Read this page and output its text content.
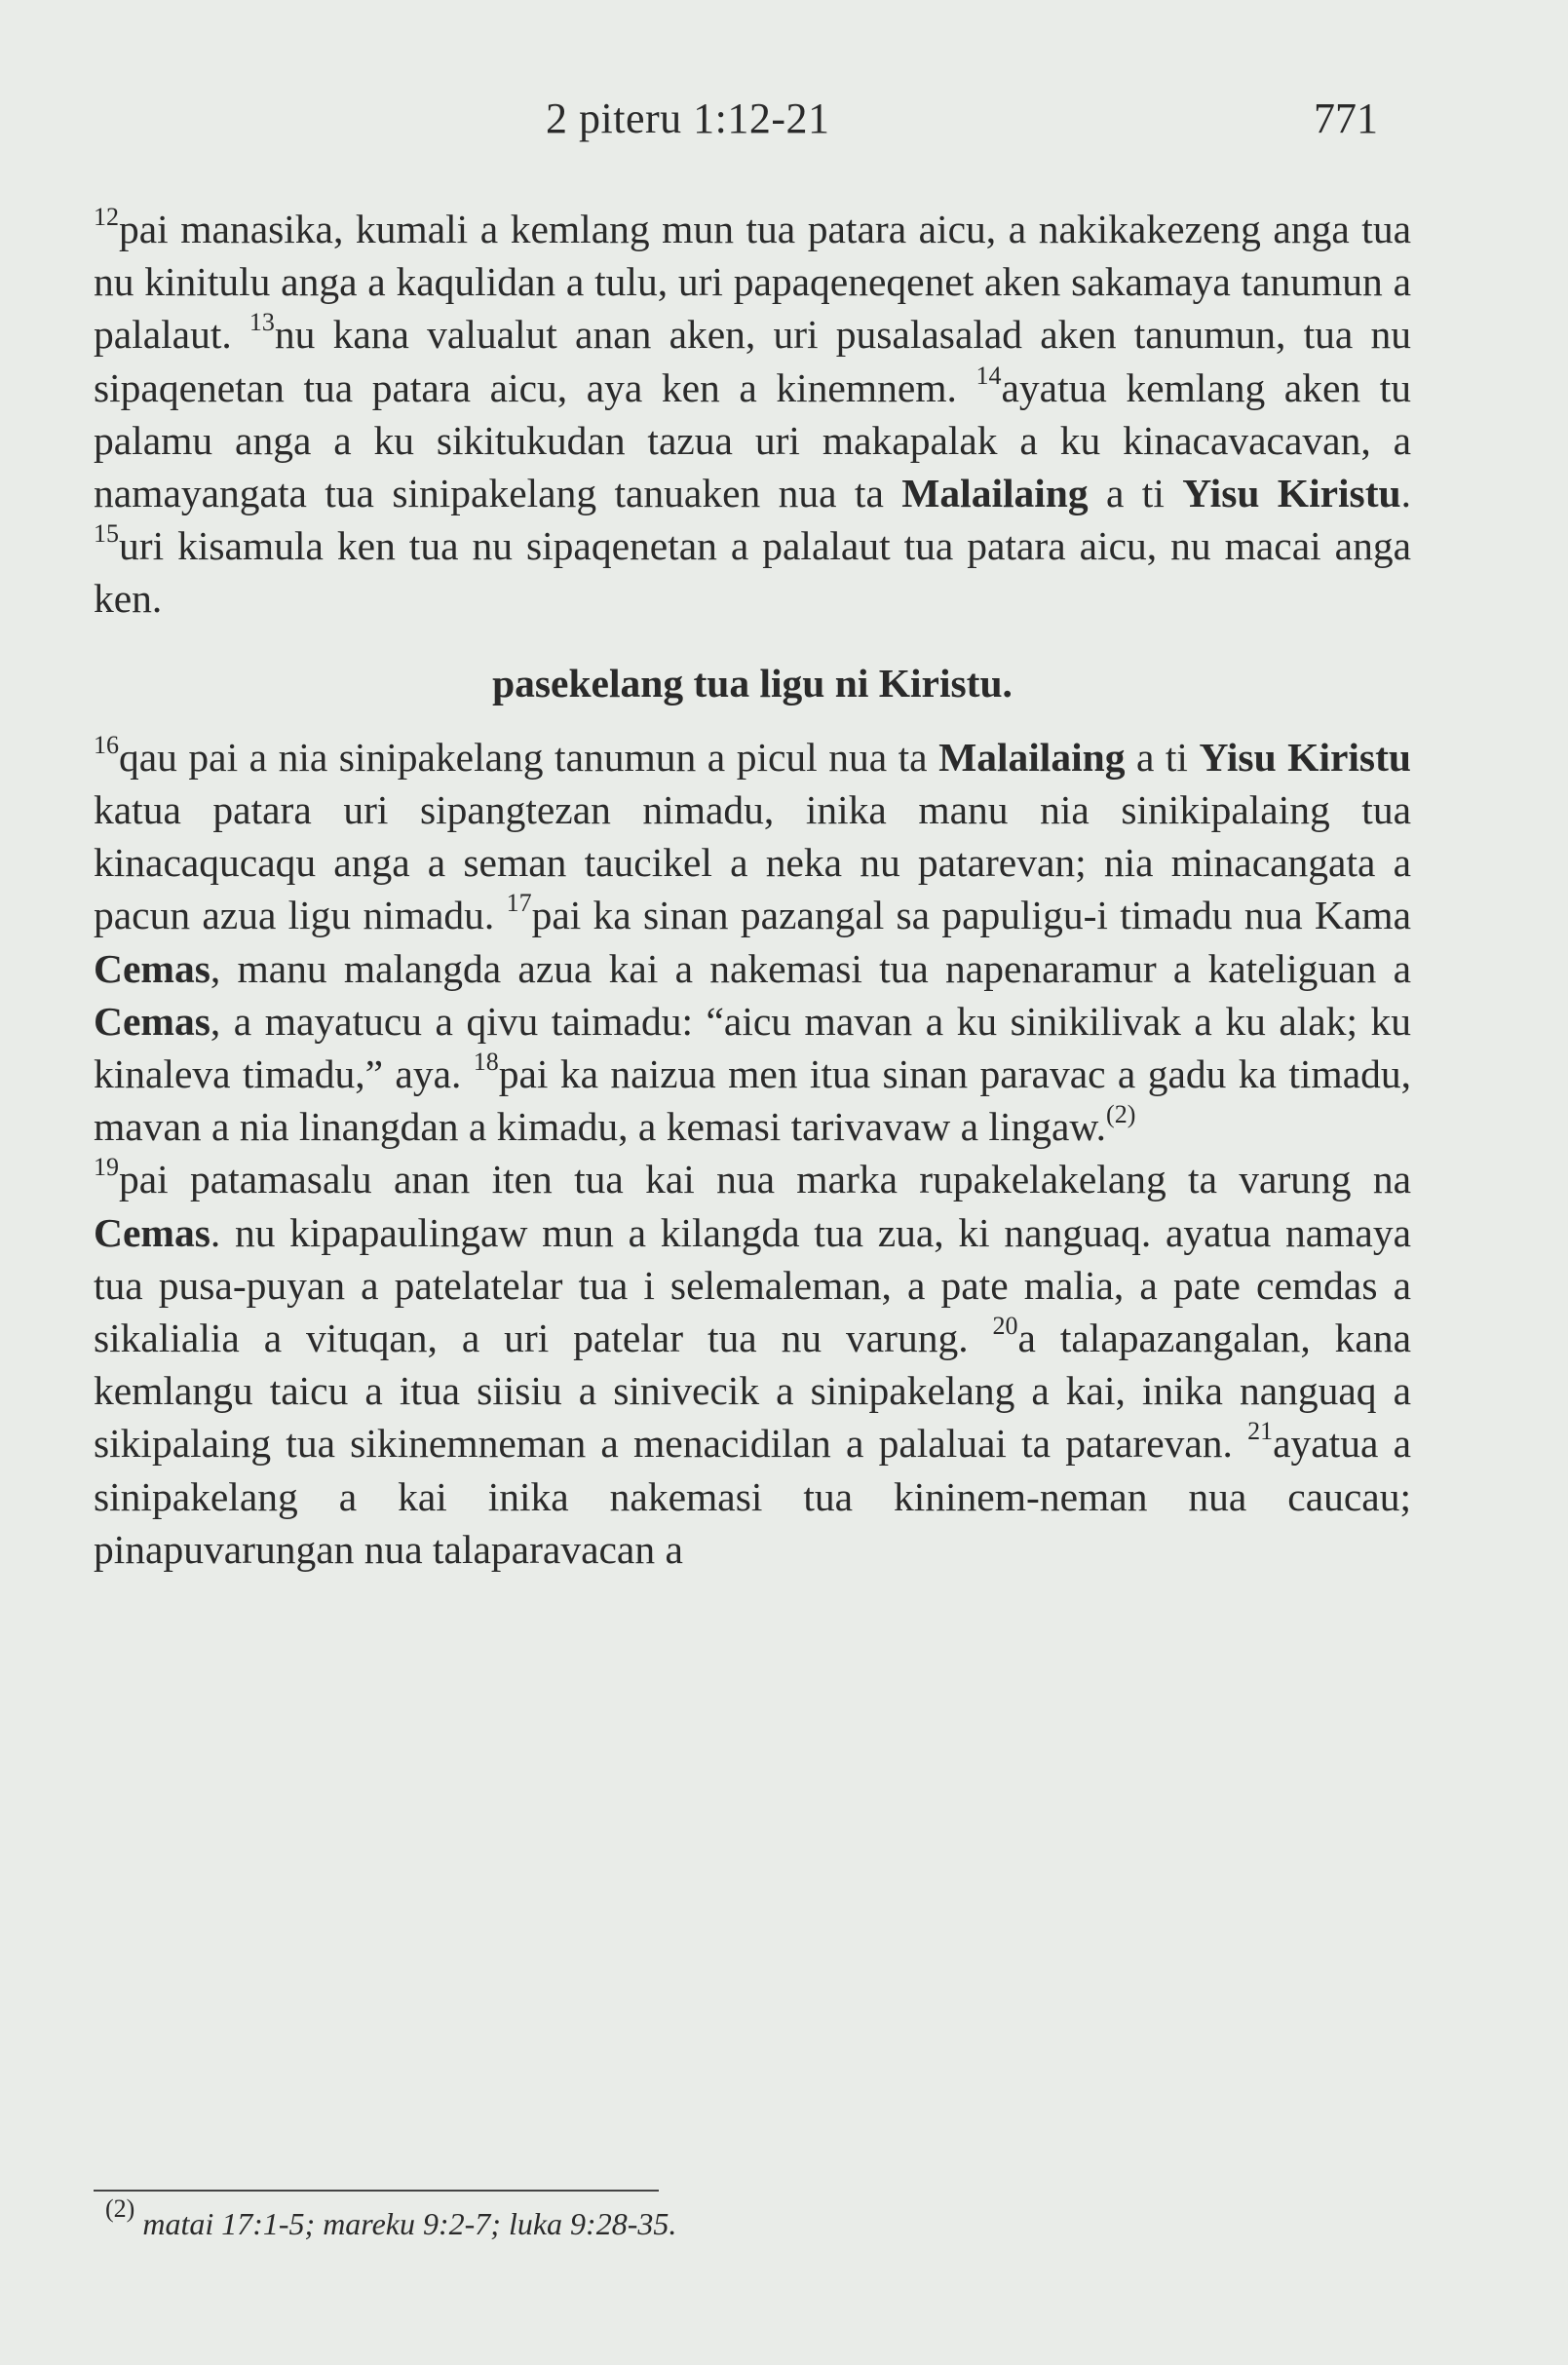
2 piteru 1:12-21	771

$^{12}$pai manasika, kumali a kemlang mun tua patara aicu, a nakikakezeng anga tua nu kinitulu anga a kaqulidan a tulu, uri papaqeneqenet aken sakamaya tanumun a palalaut. $^{13}$nu kana valualut anan aken, uri pusalasalad aken tanumun, tua nu sipaqenetan tua patara aicu, aya ken a kinemnem. $^{14}$ayatua kemlang aken tu palamu anga a ku sikitukudan tazua uri makapalak a ku kinacavacavan, a namayangata tua sinipakelang tanuaken nua ta Malailaing a ti Yisu Kiristu. $^{15}$uri kisamula ken tua nu sipaqenetan a palalaut tua patara aicu, nu macai anga ken.

pasekelang tua ligu ni Kiristu.

$^{16}$qau pai a nia sinipakelang tanumun a picul nua ta Malailaing a ti Yisu Kiristu katua patara uri sipangtezan nimadu, inika manu nia sinikipalaing tua kinacaqucaqu anga a seman taucikel a neka nu patarevan; nia minacangata a pacun azua ligu nimadu. $^{17}$pai ka sinan pazangal sa papuligu-i timadu nua Kama Cemas, manu malangda azua kai a nakemasi tua napenaramur a kateliguan a Cemas, a mayatucu a qivu taimadu: “aicu mavan a ku sinikilivak a ku alak; ku kinaleva timadu,” aya. $^{18}$pai ka naizua men itua sinan paravac a gadu ka timadu, mavan a nia linangdan a kimadu, a kemasi tarivavaw a lingaw.$^{(2)}$

$^{19}$pai patamasalu anan iten tua kai nua marka rupakelakelang ta varung na Cemas. nu kipapaulingaw mun a kilangda tua zua, ki nanguaq. ayatua namaya tua pusa-puyan a patelatelar tua i selemaleman, a pate malia, a pate cemdas a sikalialia a vituqan, a uri patelar tua nu varung. $^{20}$a talapazangalan, kana kemlangu taicu a itua siisiu a sinivecik a sinipakelang a kai, inika nanguaq a sikipalaing tua sikinemneman a menacidilan a palaluai ta patarevan. $^{21}$ayatua a sinipakelang a kai inika nakemasi tua kininem-neman nua caucau; pinapuvarungan nua talaparavacan a

$^{(2)}$ matai 17:1-5; mareku 9:2-7; luka 9:28-35.
